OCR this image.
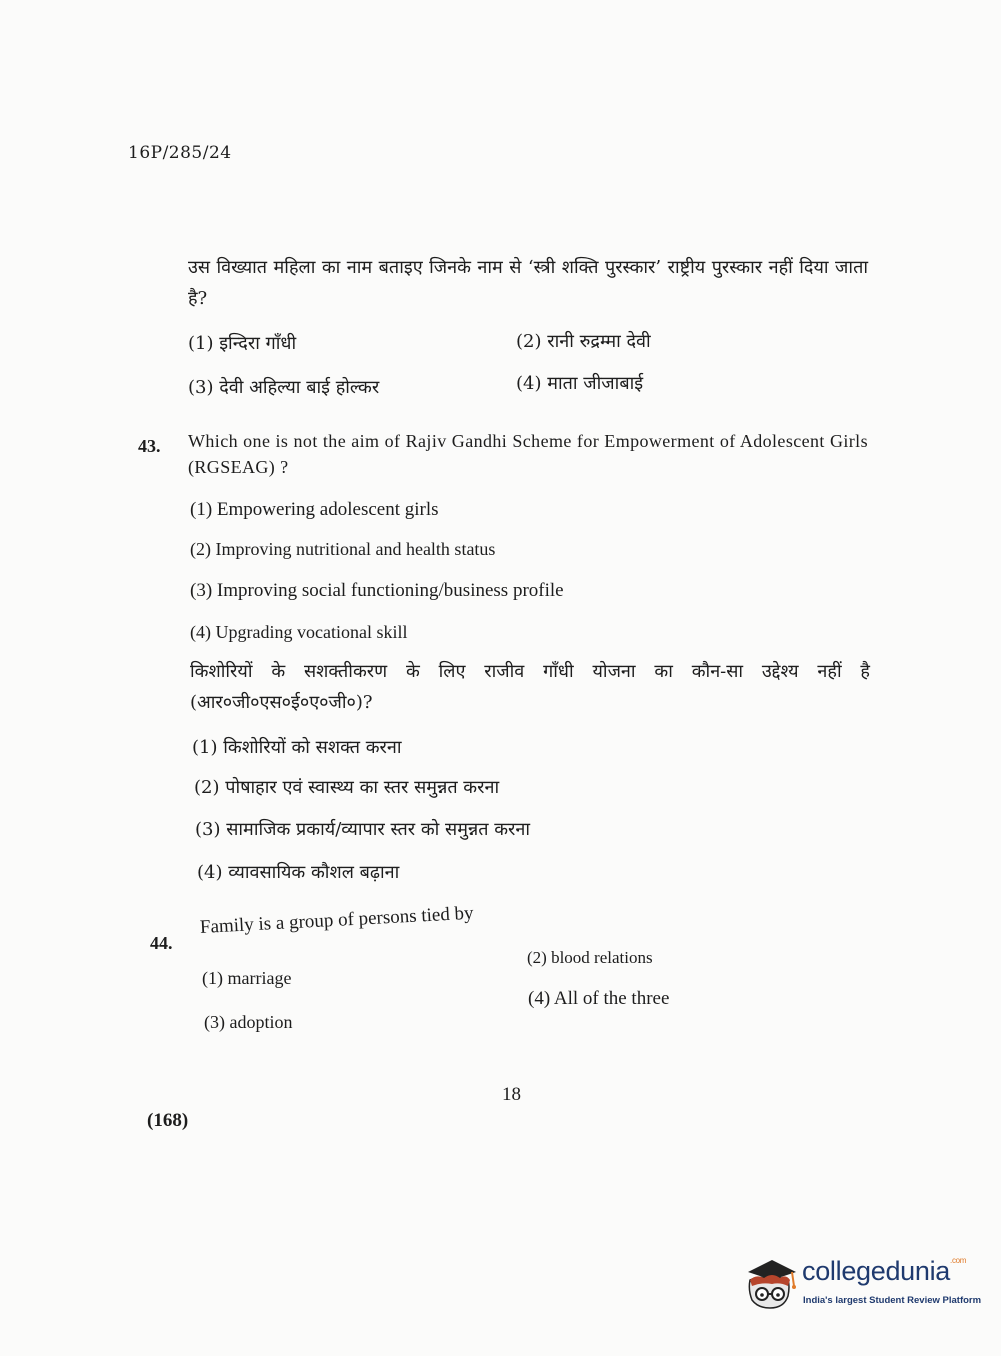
16P/285/24
उस विख्यात महिला का नाम बताइए जिनके नाम से ‘स्त्री शक्ति पुरस्कार’ राष्ट्रीय पुरस्कार नहीं दिया जाता है?
(1) इन्दिरा गाँधी	(2) रानी रुद्रम्मा देवी
(3) देवी अहिल्या बाई होल्कर	(4) माता जीजाबाई
43. Which one is not the aim of Rajiv Gandhi Scheme for Empowerment of Adolescent Girls (RGSEAG) ?
(1) Empowering adolescent girls
(2) Improving nutritional and health status
(3) Improving social functioning/business profile
(4) Upgrading vocational skill
किशोरियों के सशक्तीकरण के लिए राजीव गाँधी योजना का कौन-सा उद्देश्य नहीं है (आर०जी०एस०ई०ए०जी०)?
(1) किशोरियों को सशक्त करना
(2) पोषाहार एवं स्वास्थ्य का स्तर समुन्नत करना
(3) सामाजिक प्रकार्य/व्यापार स्तर को समुन्नत करना
(4) व्यावसायिक कौशल बढ़ाना
44.
Family is a group of persons tied by
(1) marriage
(2) blood relations
(3) adoption
(4) All of the three
18
(168)
collegedunia$^{.com}$
India's largest Student Review Platform
